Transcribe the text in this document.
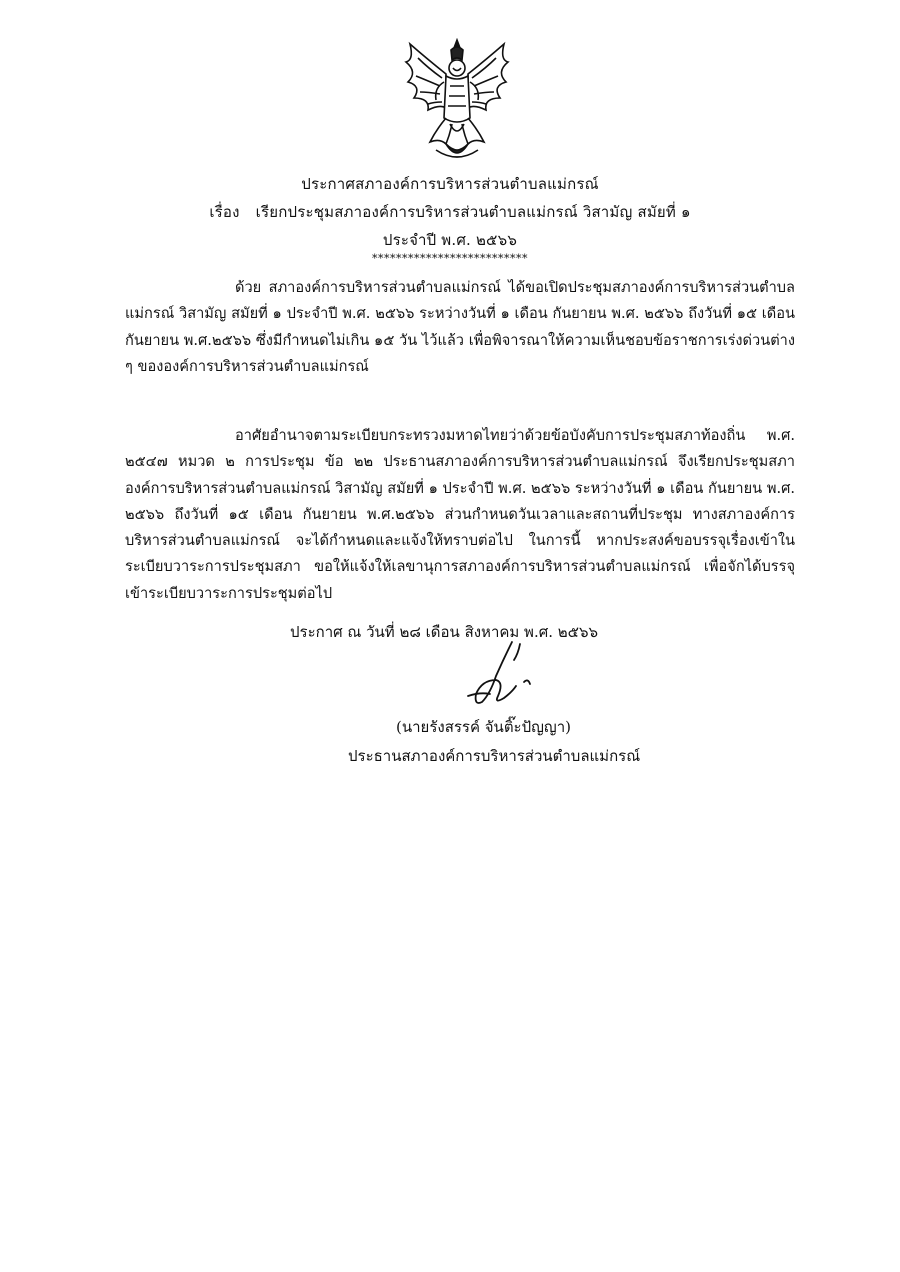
ประกาศสภาองค์การบริหารส่วนตำบลแม่กรณ์
เรื่อง เรียกประชุมสภาองค์การบริหารส่วนตำบลแม่กรณ์ วิสามัญ สมัยที่ ๑
ประจำปี พ.ศ. ๒๕๖๖
**************************
ด้วย สภาองค์การบริหารส่วนตำบลแม่กรณ์ ได้ขอเปิดประชุมสภาองค์การบริหารส่วนตำบลแม่กรณ์ วิสามัญ สมัยที่ ๑ ประจำปี พ.ศ. ๒๕๖๖ ระหว่างวันที่ ๑ เดือน กันยายน พ.ศ. ๒๕๖๖ ถึงวันที่ ๑๕ เดือน กันยายน พ.ศ.๒๕๖๖ ซึ่งมีกำหนดไม่เกิน ๑๕ วัน ไว้แล้ว เพื่อพิจารณาให้ความเห็นชอบข้อราชการเร่งด่วนต่าง ๆ ขององค์การบริหารส่วนตำบลแม่กรณ์
อาศัยอำนาจตามระเบียบกระทรวงมหาดไทยว่าด้วยข้อบังคับการประชุมสภาท้องถิ่น พ.ศ. ๒๕๔๗ หมวด ๒ การประชุม ข้อ ๒๒ ประธานสภาองค์การบริหารส่วนตำบลแม่กรณ์ จึงเรียกประชุมสภาองค์การบริหารส่วนตำบลแม่กรณ์ วิสามัญ สมัยที่ ๑ ประจำปี พ.ศ. ๒๕๖๖ ระหว่างวันที่ ๑ เดือน กันยายน พ.ศ. ๒๕๖๖ ถึงวันที่ ๑๕ เดือน กันยายน พ.ศ.๒๕๖๖ ส่วนกำหนดวันเวลาและสถานที่ประชุม ทางสภาองค์การบริหารส่วนตำบลแม่กรณ์ จะได้กำหนดและแจ้งให้ทราบต่อไป ในการนี้ หากประสงค์ขอบรรจุเรื่องเข้าในระเบียบวาระการประชุมสภา ขอให้แจ้งให้เลขานุการสภาองค์การบริหารส่วนตำบลแม่กรณ์ เพื่อจักได้บรรจุเข้าระเบียบวาระการประชุมต่อไป
ประกาศ ณ วันที่ ๒๘ เดือน สิงหาคม พ.ศ. ๒๕๖๖
(นายรังสรรค์ จันติ๊ะปัญญา)
ประธานสภาองค์การบริหารส่วนตำบลแม่กรณ์
